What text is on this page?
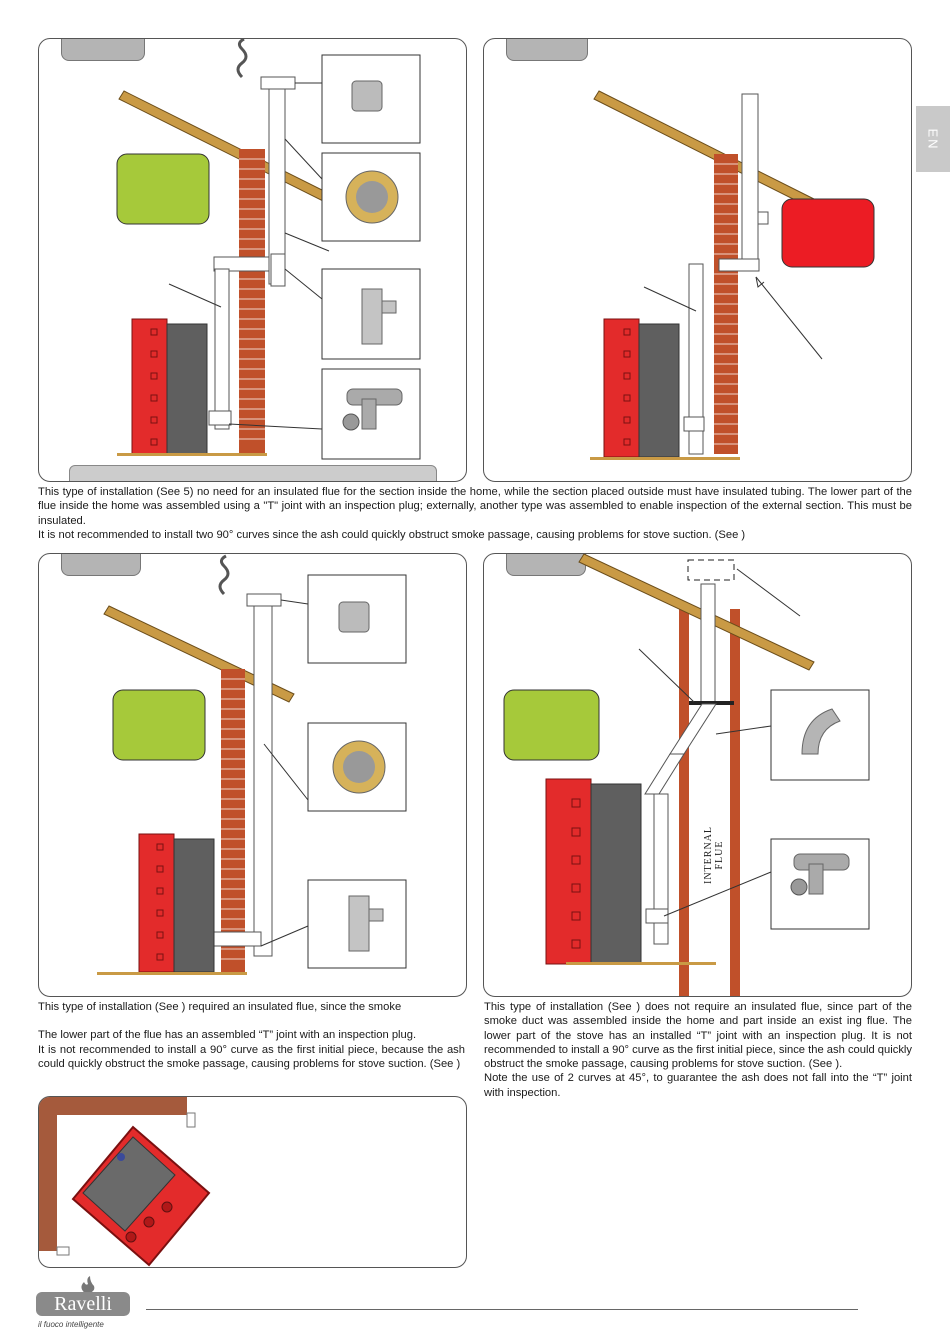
EN

This type of installation (See 5) no need for an insulated flue for the section inside the home, while the section placed outside must have insulated tubing. The lower part of the flue inside the home was assembled using a "T" joint with an inspection plug; externally, another type was assembled to enable inspection of the external section. This must be insulated.

It is not recommended to install two 90° curves since the ash could quickly obstruct smoke passage, causing problems for stove suction. (See )

INTERNAL FLUE

This type of installation (See ) required an insulated flue, since the smoke

The lower part of the flue has an assembled “T” joint with an inspection plug.

It is not recommended to install a 90° curve as the first initial piece, because the ash could quickly obstruct the smoke passage, causing problems for stove suction. (See )

This type of installation (See ) does not require an insulated flue, since part of the smoke duct was assembled inside the home and part inside an exist ing flue. The lower part of the stove has an installed “T” joint with an inspection plug. It is not recommended to install a 90° curve as the first initial piece, since the ash could quickly obstruct the smoke passage, causing problems for stove suction. (See ).

Note the use of 2 curves at 45°, to guarantee the ash does not fall into the “T” joint with inspection.

Ravelli
il fuoco intelligente
